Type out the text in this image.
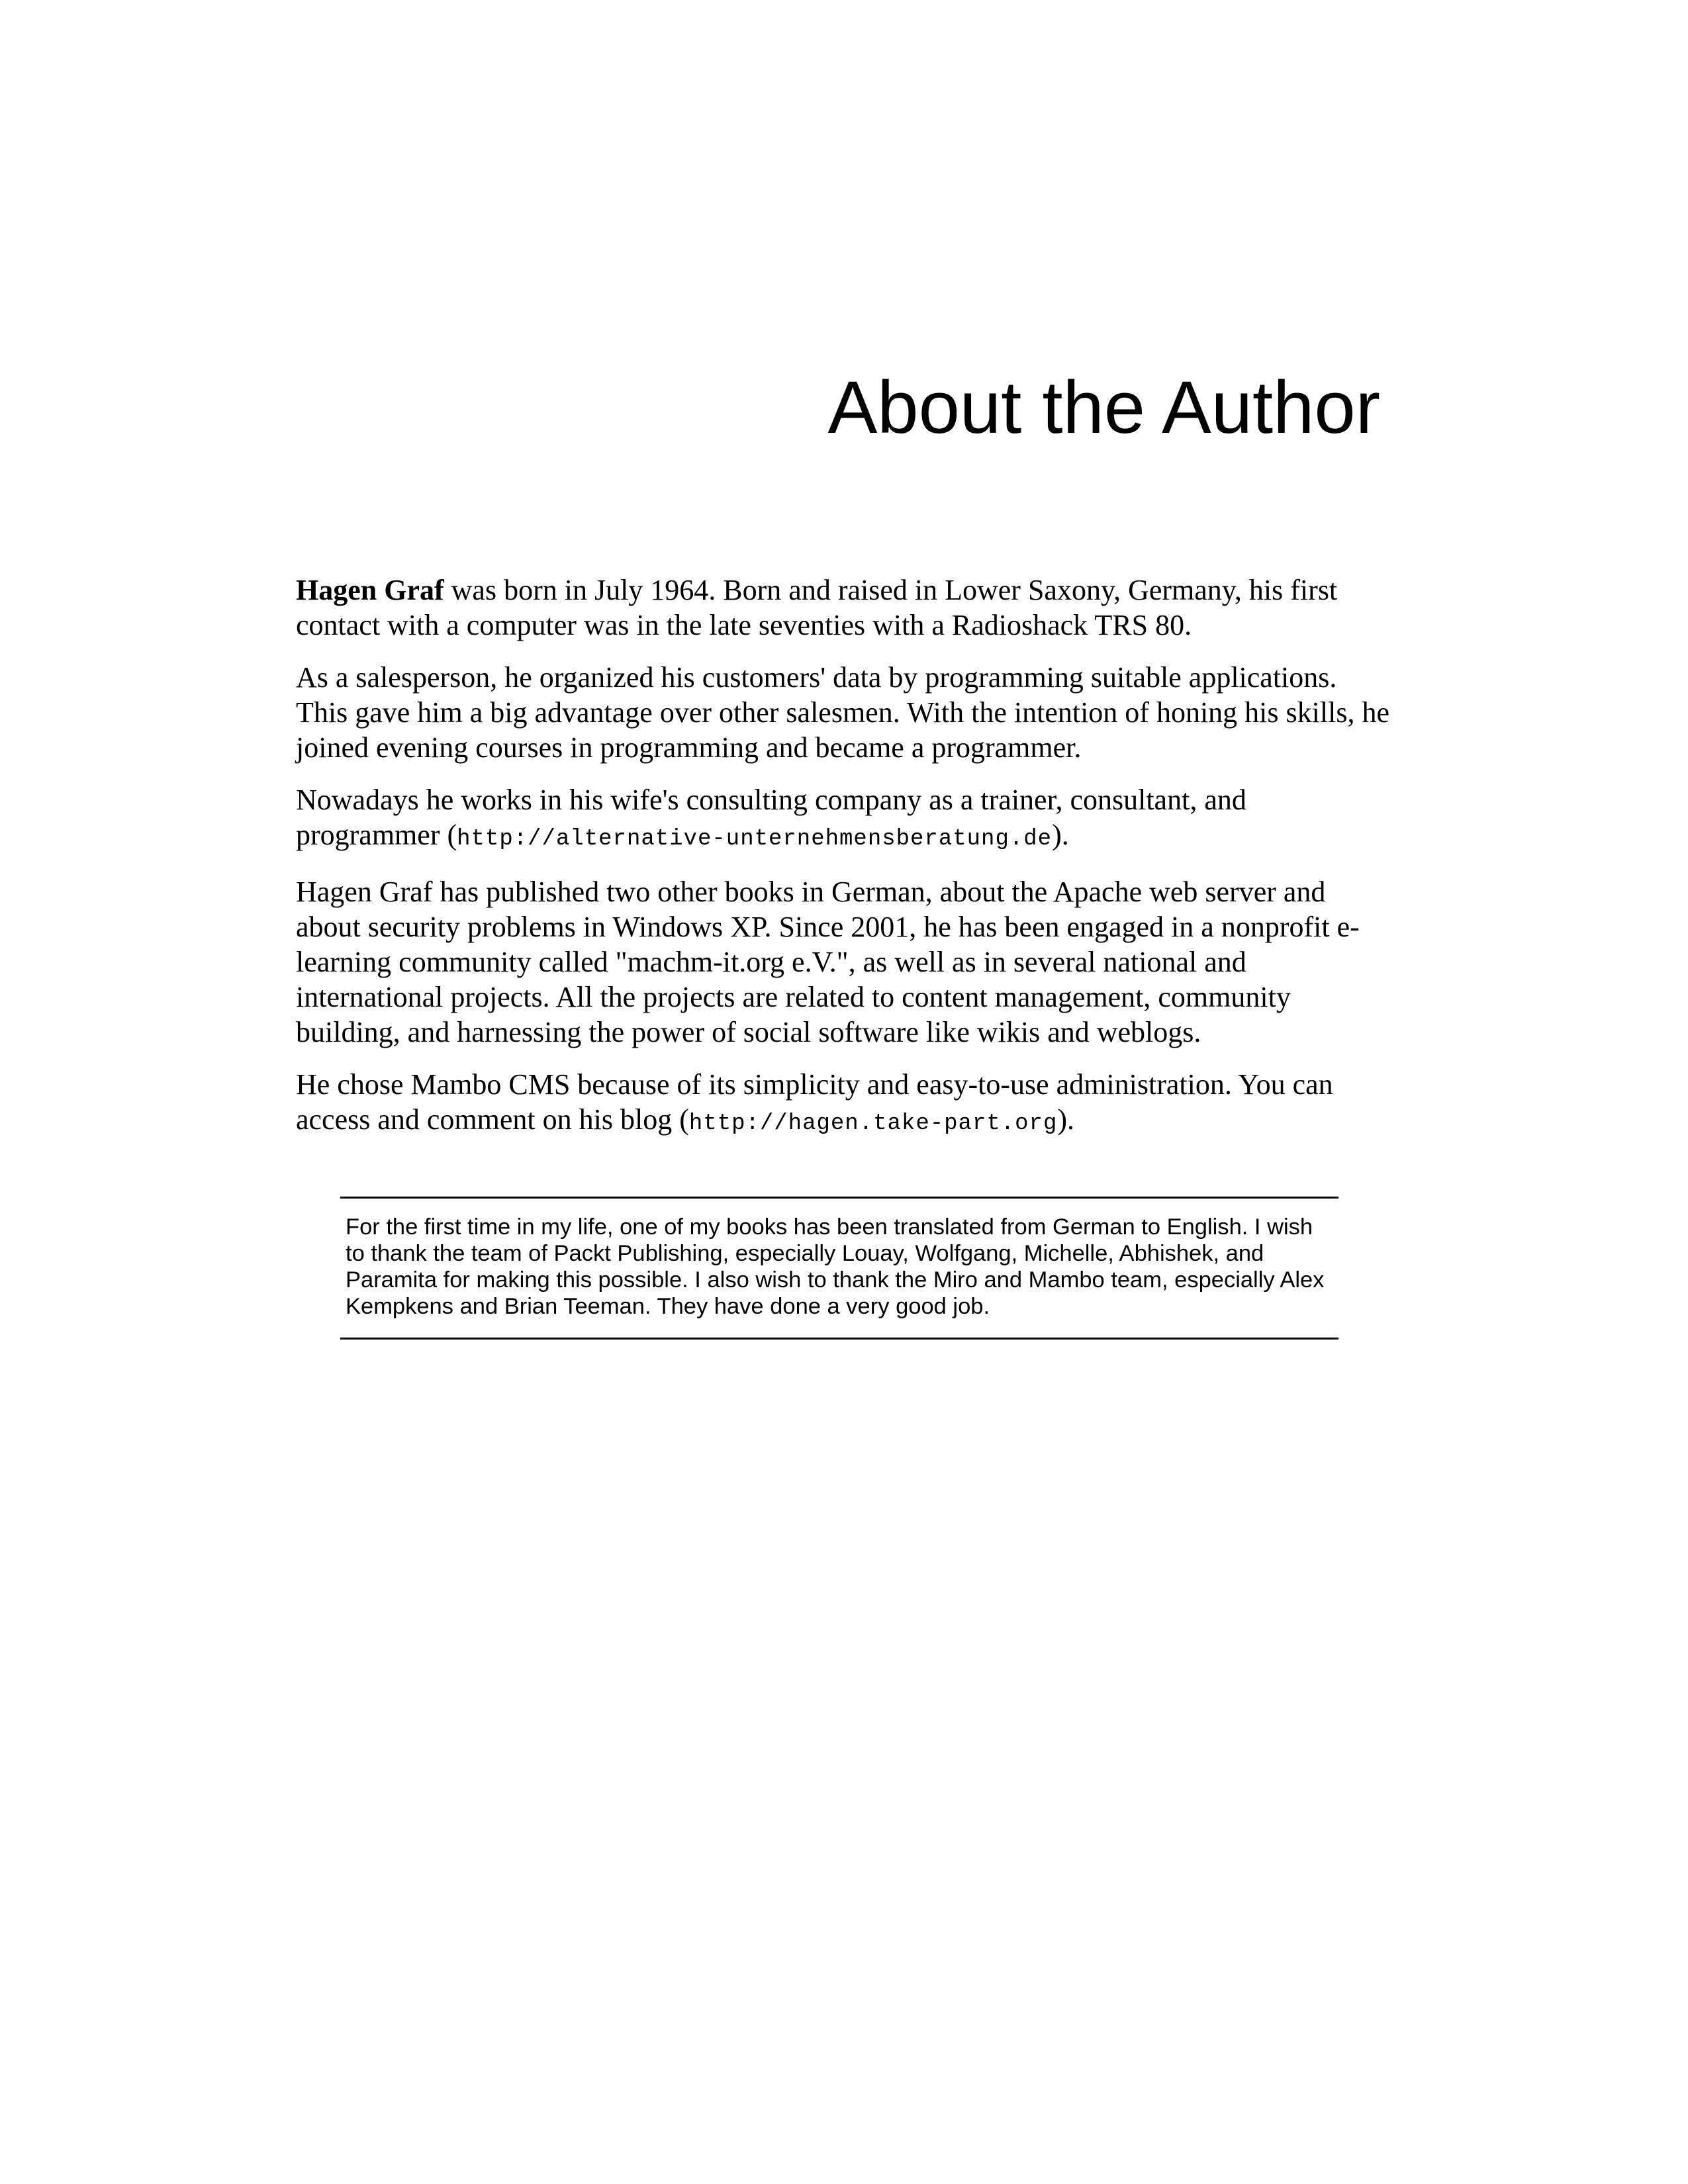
About the Author

Hagen Graf was born in July 1964. Born and raised in Lower Saxony, Germany, his first contact with a computer was in the late seventies with a Radioshack TRS 80.

As a salesperson, he organized his customers' data by programming suitable applications. This gave him a big advantage over other salesmen. With the intention of honing his skills, he joined evening courses in programming and became a programmer.

Nowadays he works in his wife's consulting company as a trainer, consultant, and programmer (http://alternative-unternehmensberatung.de).

Hagen Graf has published two other books in German, about the Apache web server and about security problems in Windows XP. Since 2001, he has been engaged in a nonprofit e-learning community called "machm-it.org e.V.", as well as in several national and international projects. All the projects are related to content management, community building, and harnessing the power of social software like wikis and weblogs.

He chose Mambo CMS because of its simplicity and easy-to-use administration. You can access and comment on his blog (http://hagen.take-part.org).

For the first time in my life, one of my books has been translated from German to English. I wish to thank the team of Packt Publishing, especially Louay, Wolfgang, Michelle, Abhishek, and Paramita for making this possible. I also wish to thank the Miro and Mambo team, especially Alex Kempkens and Brian Teeman. They have done a very good job.
